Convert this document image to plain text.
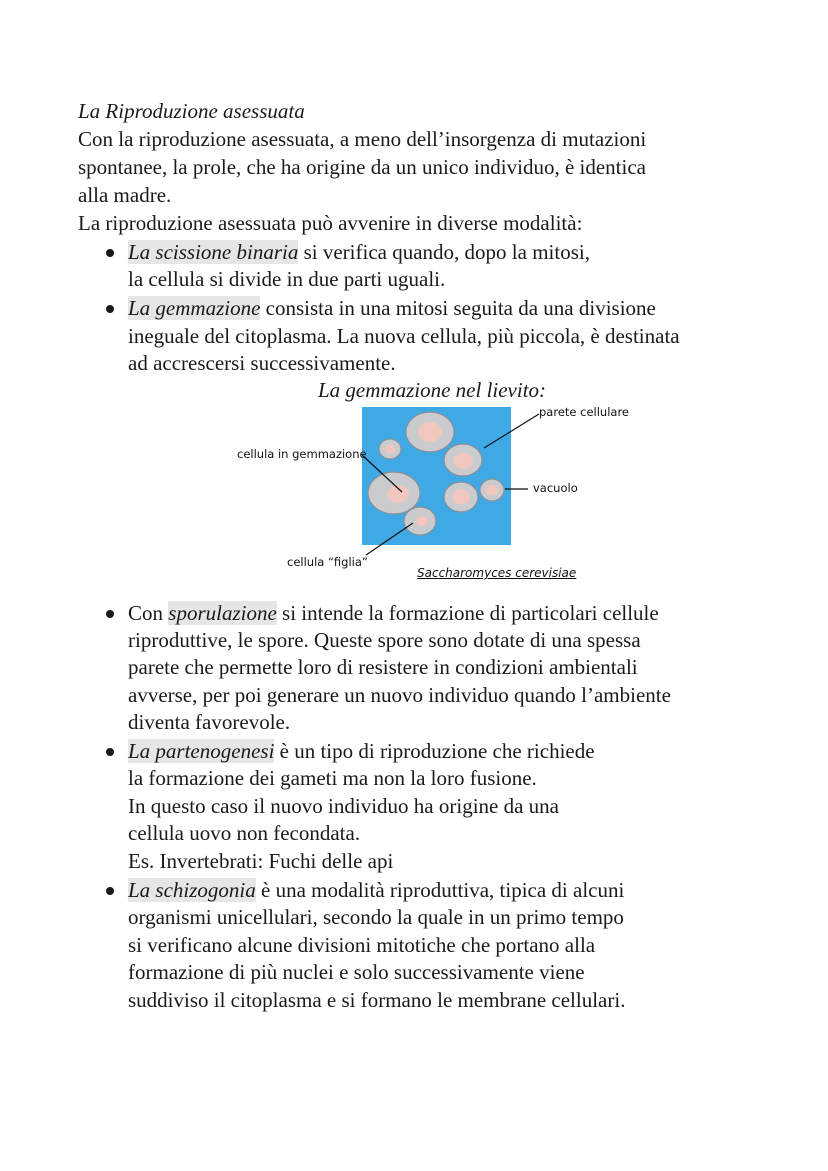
La Riproduzione asessuata
Con la riproduzione asessuata, a meno dell’insorgenza di mutazioni
spontanee, la prole, che ha origine da un unico individuo, è identica
alla madre.
La riproduzione asessuata può avvenire in diverse modalità:
La scissione binaria si verifica quando, dopo la mitosi,
la cellula si divide in due parti uguali.
La gemmazione consista in una mitosi seguita da una divisione
ineguale del citoplasma. La nuova cellula, più piccola, è destinata
ad accrescersi successivamente.
La gemmazione nel lievito:
parete cellulare
cellula in gemmazione
vacuolo
cellula “figlia”
Saccharomyces cerevisiae
Con sporulazione si intende la formazione di particolari cellule
riproduttive, le spore. Queste spore sono dotate di una spessa
parete che permette loro di resistere in condizioni ambientali
avverse, per poi generare un nuovo individuo quando l’ambiente
diventa favorevole.
La partenogenesi è un tipo di riproduzione che richiede
la formazione dei gameti ma non la loro fusione.
In questo caso il nuovo individuo ha origine da una
cellula uovo non fecondata.
Es. Invertebrati: Fuchi delle api
La schizogonia è una modalità riproduttiva, tipica di alcuni
organismi unicellulari, secondo la quale in un primo tempo
si verificano alcune divisioni mitotiche che portano alla
formazione di più nuclei e solo successivamente viene
suddiviso il citoplasma e si formano le membrane cellulari.
